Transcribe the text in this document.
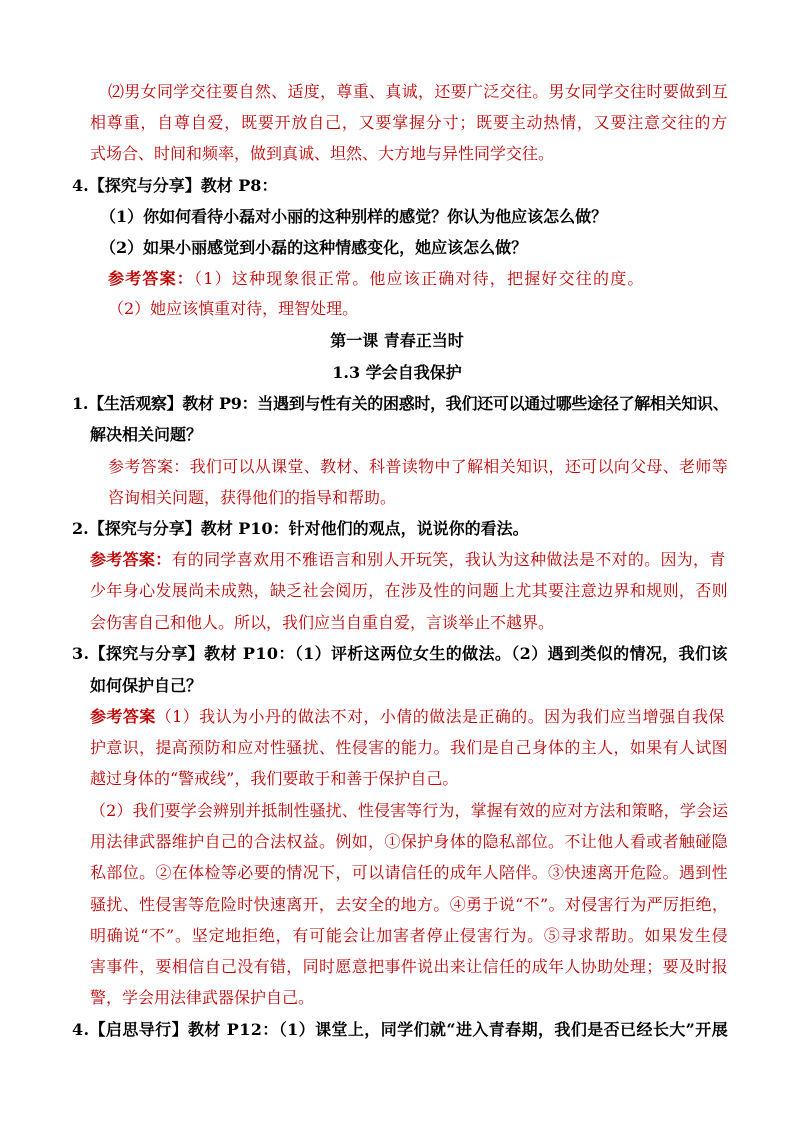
⑵男女同学交往要自然、适度，尊重、真诚，还要广泛交往。男女同学交往时要做到互
相尊重，自尊自爱，既要开放自己，又要掌握分寸；既要主动热情，又要注意交往的方
式场合、时间和频率，做到真诚、坦然、大方地与异性同学交往。
4.【探究与分享】教材 P8：
（1）你如何看待小磊对小丽的这种别样的感觉？你认为他应该怎么做？
（2）如果小丽感觉到小磊的这种情感变化，她应该怎么做？
参考答案：（1）这种现象很正常。他应该正确对待，把握好交往的度。
（2）她应该慎重对待，理智处理。
第一课 青春正当时
1.3 学会自我保护
1.【生活观察】教材 P9：当遇到与性有关的困惑时，我们还可以通过哪些途径了解相关知识、
解决相关问题？
参考答案：我们可以从课堂、教材、科普读物中了解相关知识，还可以向父母、老师等
咨询相关问题，获得他们的指导和帮助。
2.【探究与分享】教材 P10：针对他们的观点，说说你的看法。
参考答案：有的同学喜欢用不雅语言和别人开玩笑，我认为这种做法是不对的。因为，青
少年身心发展尚未成熟，缺乏社会阅历，在涉及性的问题上尤其要注意边界和规则，否则
会伤害自己和他人。所以，我们应当自重自爱，言谈举止不越界。
3.【探究与分享】教材 P10：（1）评析这两位女生的做法。（2）遇到类似的情况，我们该
如何保护自己？
参考答案（1）我认为小丹的做法不对，小倩的做法是正确的。因为我们应当增强自我保
护意识，提高预防和应对性骚扰、性侵害的能力。我们是自己身体的主人，如果有人试图
越过身体的“警戒线”，我们要敢于和善于保护自己。
（2）我们要学会辨别并抵制性骚扰、性侵害等行为，掌握有效的应对方法和策略，学会运
用法律武器维护自己的合法权益。例如，①保护身体的隐私部位。不让他人看或者触碰隐
私部位。②在体检等必要的情况下，可以请信任的成年人陪伴。③快速离开危险。遇到性
骚扰、性侵害等危险时快速离开，去安全的地方。④勇于说“不”。对侵害行为严厉拒绝，
明确说“不”。坚定地拒绝，有可能会让加害者停止侵害行为。⑤寻求帮助。如果发生侵
害事件，要相信自己没有错，同时愿意把事件说出来让信任的成年人协助处理；要及时报
警，学会用法律武器保护自己。
4.【启思导行】教材 P12：（1）课堂上，同学们就“进入青春期，我们是否已经长大”开展
